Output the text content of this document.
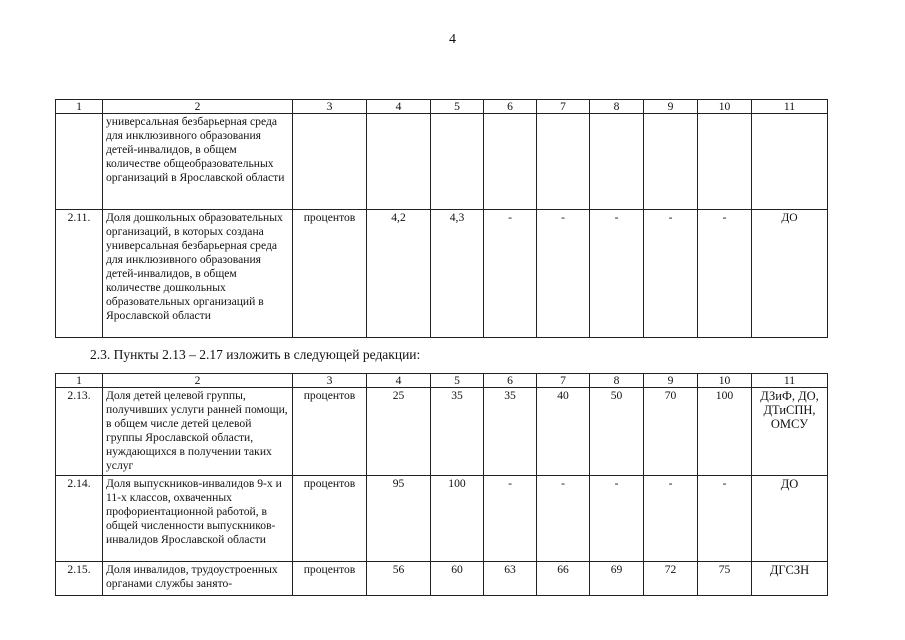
4
1	2	3	4	5	6	7	8	9	10	11
	универсальная безбарьерная среда для инклюзивного образования детей-инвалидов, в общем количестве общеобразовательных организаций в Ярославской области									
2.11.	Доля дошкольных образовательных организаций, в которых создана универсальная безбарьерная среда для инклюзивного образования детей-инвалидов, в общем количестве дошкольных образовательных организаций в Ярославской области	процентов	4,2	4,3	-	-	-	-	-	ДО
2.3. Пункты 2.13 – 2.17 изложить в следующей редакции:
1	2	3	4	5	6	7	8	9	10	11
2.13.	Доля детей целевой группы, получивших услуги ранней помощи, в общем числе детей целевой группы Ярославской области, нуждающихся в получении таких услуг	процентов	25	35	35	40	50	70	100	ДЗиФ, ДО, ДТиСПН, ОМСУ
2.14.	Доля выпускников-инвалидов 9-х и 11-х классов, охваченных профориентационной работой, в общей численности выпускников-инвалидов Ярославской области	процентов	95	100	-	-	-	-	-	ДО
2.15.	Доля инвалидов, трудоустроенных органами службы занято-	процентов	56	60	63	66	69	72	75	ДГСЗН
